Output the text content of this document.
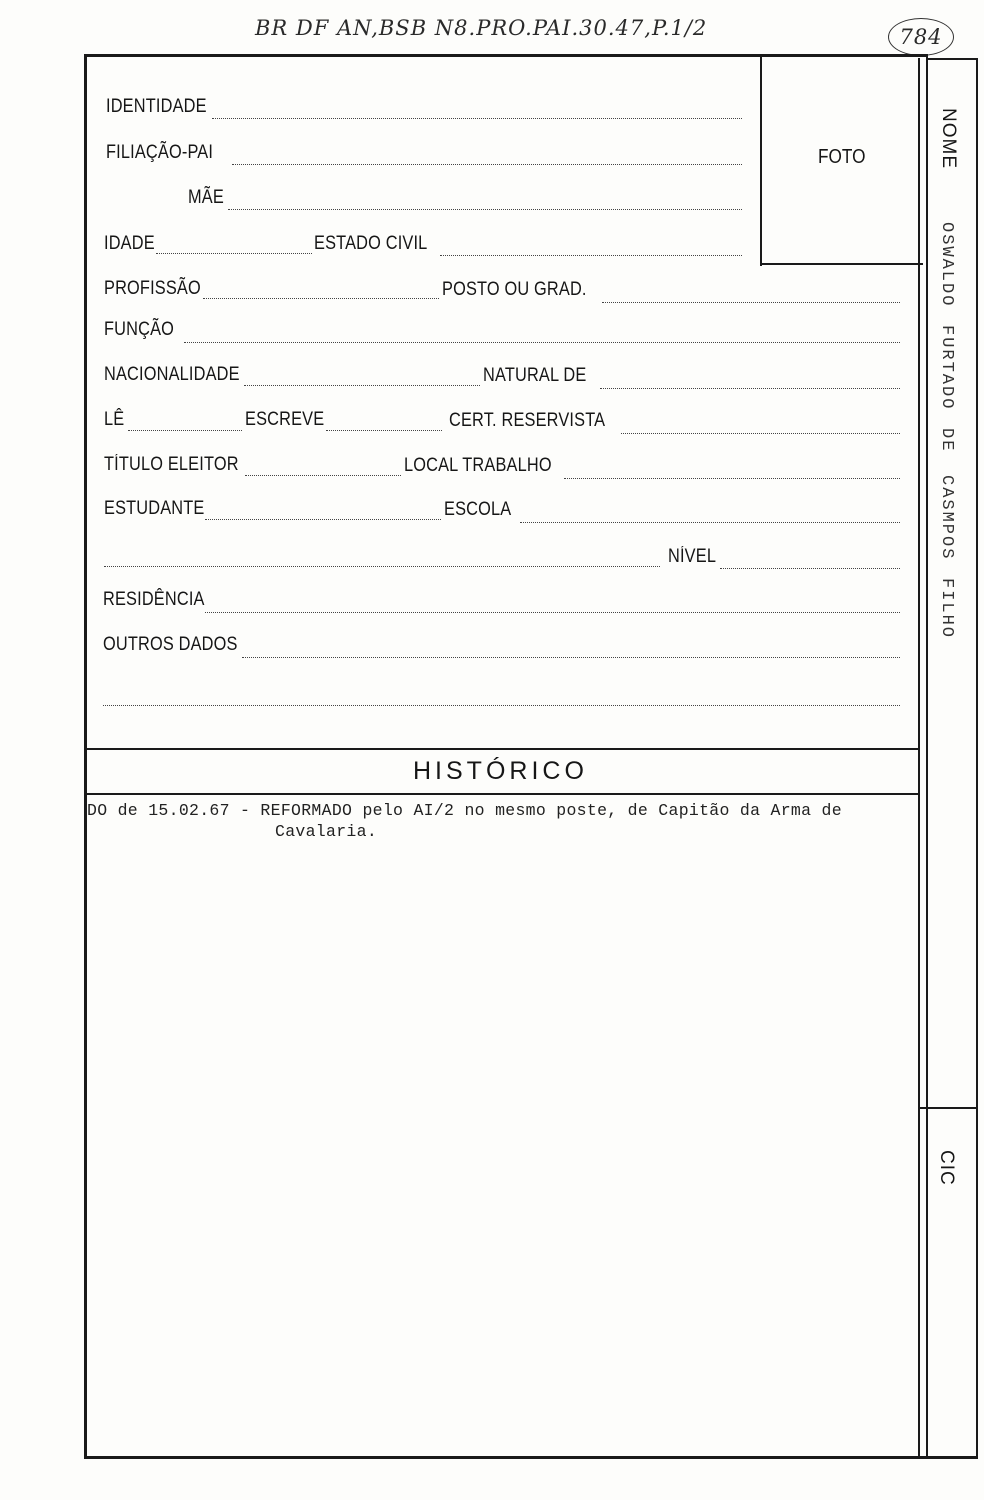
BR DF AN,BSB N8.PRO.PAI.30.47,P.1/2	784
FOTO
IDENTIDADE
FILIAÇÃO-PAI
MÃE
IDADE	ESTADO CIVIL
PROFISSÃO	POSTO OU GRAD.
FUNÇÃO
NACIONALIDADE	NATURAL DE
LÊ	ESCREVE	CERT. RESERVISTA
TÍTULO ELEITOR	LOCAL TRABALHO
ESTUDANTE	ESCOLA
NÍVEL
RESIDÊNCIA
OUTROS DADOS
HISTÓRICO
DO de 15.02.67 - REFORMADO pelo AI/2 no mesmo poste, de Capitão da Arma de
Cavalaria.
NOME
OSWALDO
FURTADO
DE
CASMPOS
FILHO
CIC
